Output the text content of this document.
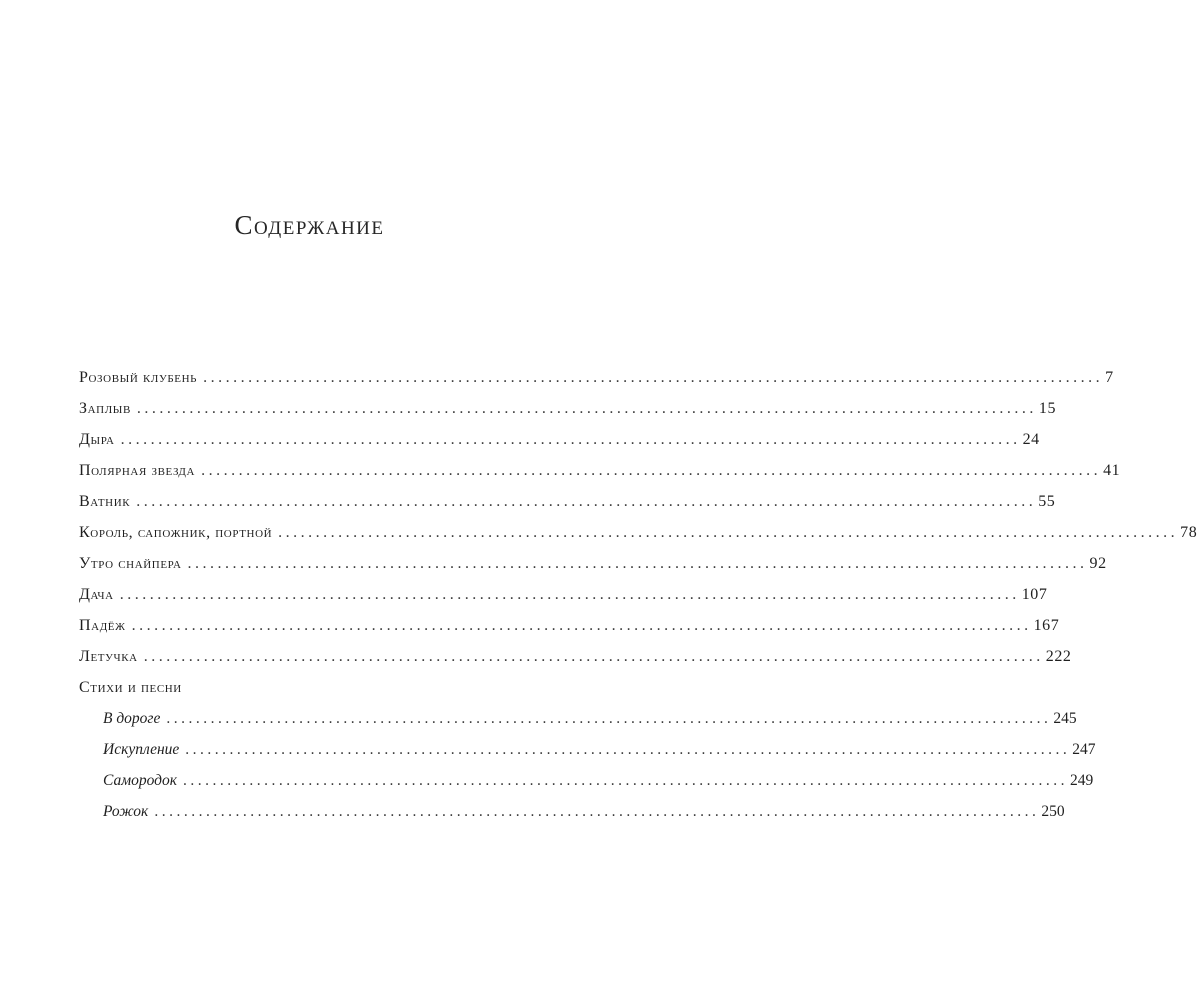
Содержание
Розовый клубень ........................................................................................................................ 7
Заплыв ........................................................................................................................ 15
Дыра ........................................................................................................................ 24
Полярная звезда ........................................................................................................................ 41
Ватник ........................................................................................................................ 55
Король, сапожник, портной ........................................................................................................................ 78
Утро снайпера ........................................................................................................................ 92
Дача ........................................................................................................................ 107
Падёж ........................................................................................................................ 167
Летучка ........................................................................................................................ 222
Стихи и песни
В дороге ........................................................................................................................ 245
Искупление ........................................................................................................................ 247
Самородок ........................................................................................................................ 249
Рожок ........................................................................................................................ 250
